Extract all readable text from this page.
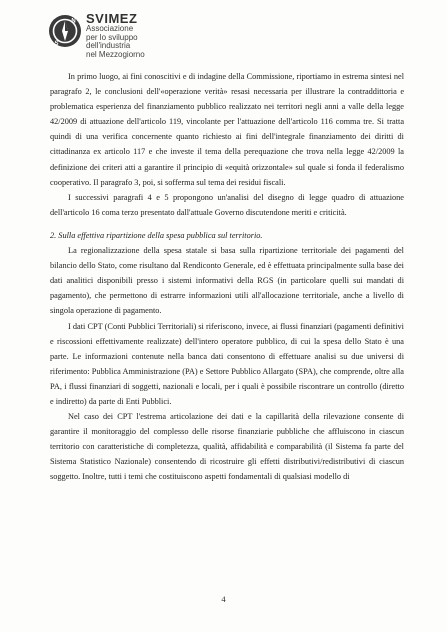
N
S
SVIMEZ
Associazione
per lo sviluppo
dell'industria
nel Mezzogiorno

In primo luogo, ai fini conoscitivi e di indagine della Commissione, riportiamo in estrema sintesi nel paragrafo 2, le conclusioni dell'«operazione verità» resasi necessaria per illustrare la contraddittoria e problematica esperienza del finanziamento pubblico realizzato nei territori negli anni a valle della legge 42/2009 di attuazione dell'articolo 119, vincolante per l'attuazione dell'articolo 116 comma tre. Si tratta quindi di una verifica concernente quanto richiesto ai fini dell'integrale finanziamento dei diritti di cittadinanza ex articolo 117 e che investe il tema della perequazione che trova nella legge 42/2009 la definizione dei criteri atti a garantire il principio di «equità orizzontale» sul quale si fonda il federalismo cooperativo. Il paragrafo 3, poi, si sofferma sul tema dei residui fiscali.

I successivi paragrafi 4 e 5 propongono un'analisi del disegno di legge quadro di attuazione dell'articolo 16 coma terzo presentato dall'attuale Governo discutendone meriti e criticità.

2. Sulla effettiva ripartizione della spesa pubblica sul territorio.

La regionalizzazione della spesa statale si basa sulla ripartizione territoriale dei pagamenti del bilancio dello Stato, come risultano dal Rendiconto Generale, ed è effettuata principalmente sulla base dei dati analitici disponibili presso i sistemi informativi della RGS (in particolare quelli sui mandati di pagamento), che permettono di estrarre informazioni utili all'allocazione territoriale, anche a livello di singola operazione di pagamento.

I dati CPT (Conti Pubblici Territoriali) si riferiscono, invece, ai flussi finanziari (pagamenti definitivi e riscossioni effettivamente realizzate) dell'intero operatore pubblico, di cui la spesa dello Stato è una parte. Le informazioni contenute nella banca dati consentono di effettuare analisi su due universi di riferimento: Pubblica Amministrazione (PA) e Settore Pubblico Allargato (SPA), che comprende, oltre alla PA, i flussi finanziari di soggetti, nazionali e locali, per i quali è possibile riscontrare un controllo (diretto e indiretto) da parte di Enti Pubblici.

Nel caso dei CPT l'estrema articolazione dei dati e la capillarità della rilevazione consente di garantire il monitoraggio del complesso delle risorse finanziarie pubbliche che affluiscono in ciascun territorio con caratteristiche di completezza, qualità, affidabilità e comparabilità (il Sistema fa parte del Sistema Statistico Nazionale) consentendo di ricostruire gli effetti distributivi/redistributivi di ciascun soggetto. Inoltre, tutti i temi che costituiscono aspetti fondamentali di qualsiasi modello di

4
